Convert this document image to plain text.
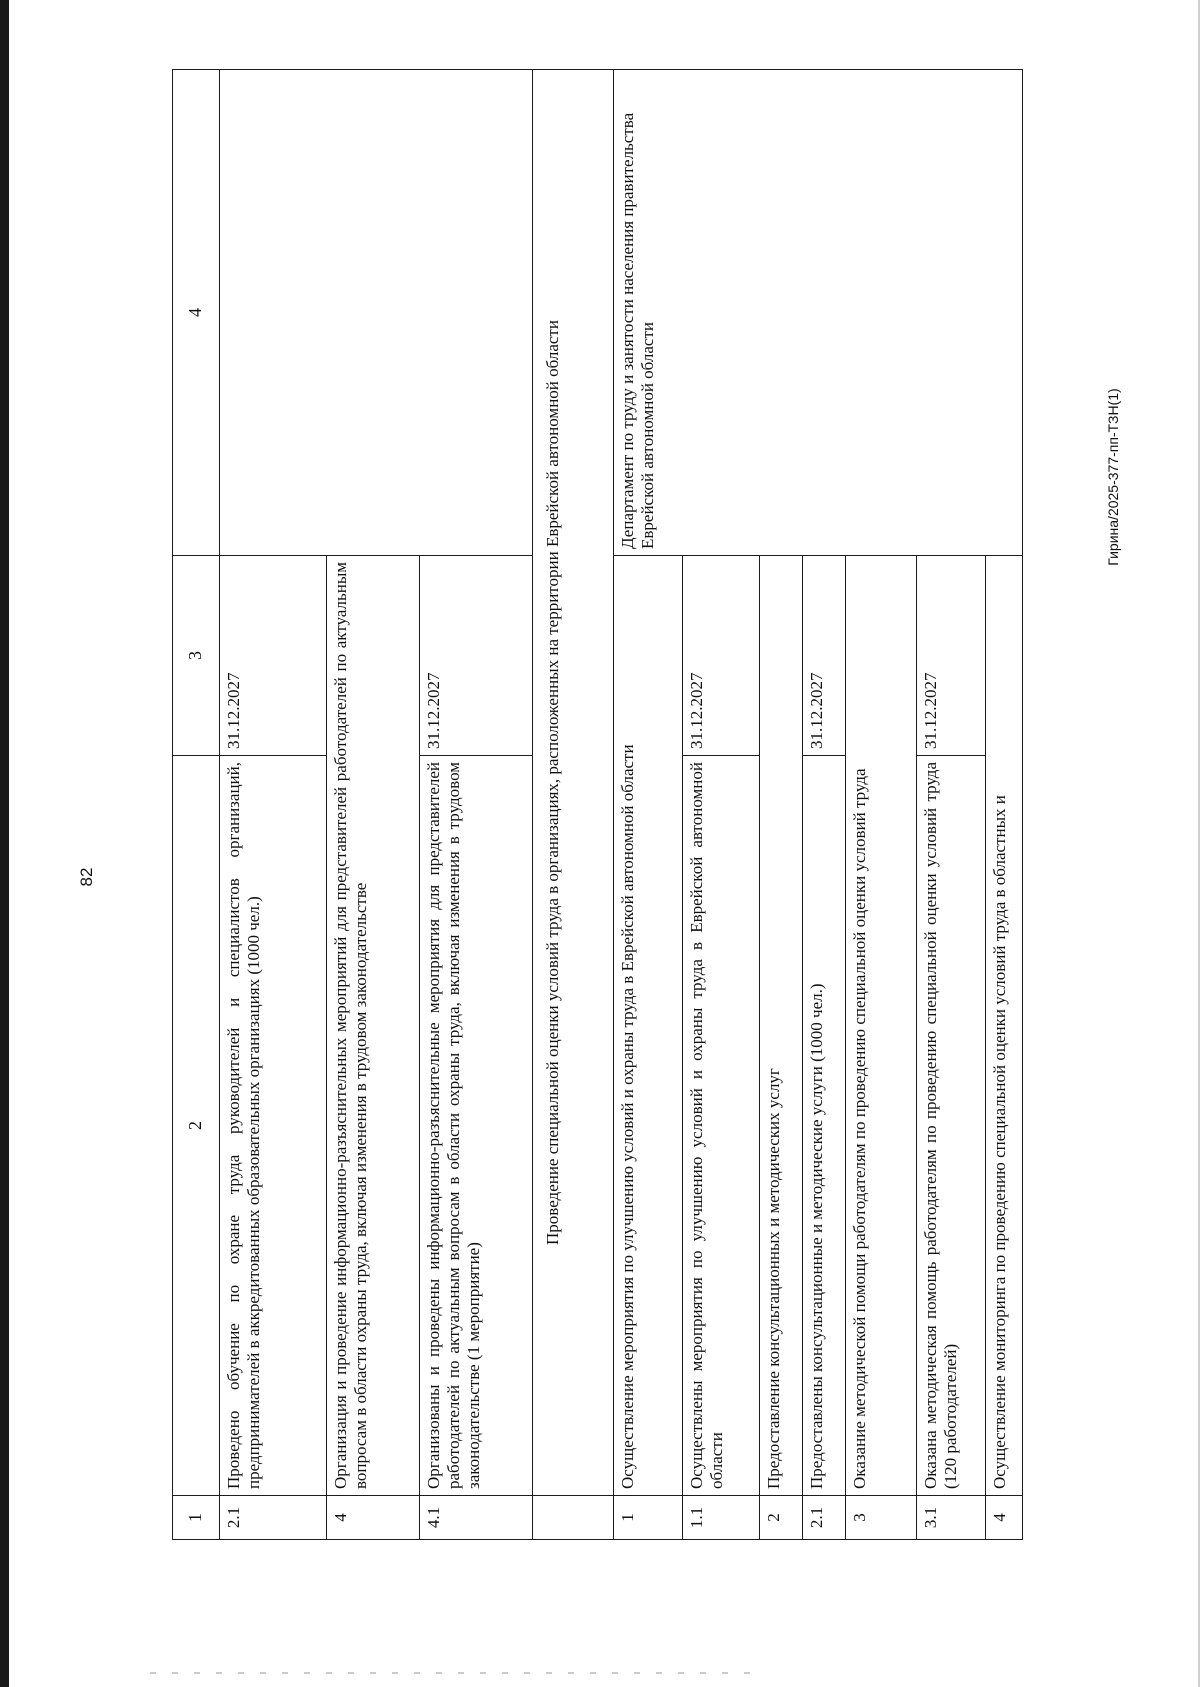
82
1	2	3	4
2.1	Проведено обучение по охране труда руководителей и специалистов организаций, предпринимателей в аккредитованных образовательных организациях (1000 чел.)	31.12.2027	
4	Организация и проведение информационно-разъяснительных мероприятий для представителей работодателей по актуальным вопросам в области охраны труда, включая изменения в трудовом законодательстве		
4.1	Организованы и проведены информационно-разъяснительные мероприятия для представителей работодателей по актуальным вопросам в области охраны труда, включая изменения в трудовом законодательстве (1 мероприятие)	31.12.2027	
	Проведение специальной оценки условий труда в организациях, расположенных на территории Еврейской автономной области		
1	Осуществление мероприятия по улучшению условий и охраны труда в Еврейской автономной области		Департамент по труду и занятости населения правительства Еврейской автономной области
1.1	Осуществлены мероприятия по улучшению условий и охраны труда в Еврейской автономной области	31.12.2027	
2	Предоставление консультационных и методических услуг		
2.1	Предоставлены консультационные и методические услуги (1000 чел.)	31.12.2027	
3	Оказание методической помощи работодателям по проведению специальной оценки условий труда		
3.1	Оказана методическая помощь работодателям по проведению специальной оценки условий труда (120 работодателей)	31.12.2027	
4	Осуществление мониторинга по проведению специальной оценки условий труда в областных и		
Гирина/2025-377-пп-ТЗН(1)
